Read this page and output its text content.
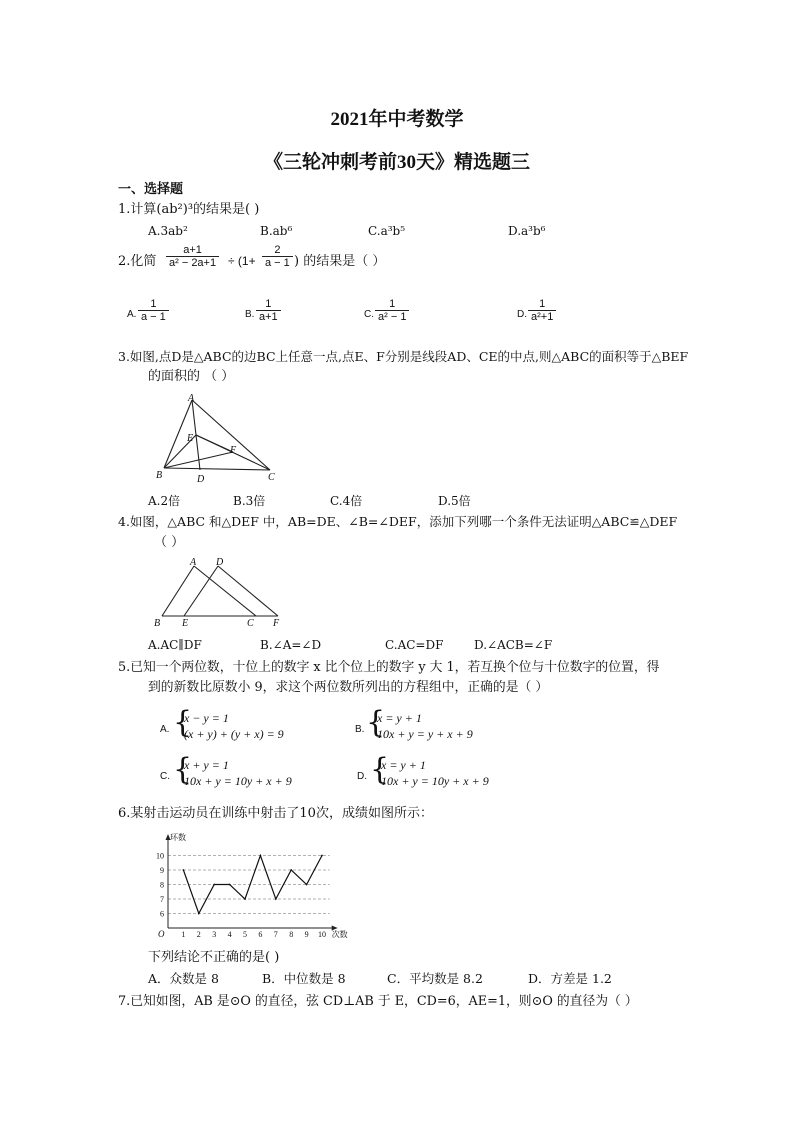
2021年中考数学
《三轮冲刺考前30天》精选题三
一、选择题
1.计算(ab²)³的结果是( )
A.3ab²	B.ab⁶	C.a³b⁵	D.a³b⁶
2.化简 $\frac{a+1}{\text{a² − 2a+1}} \div (1+ \frac{2}{a - 1}$ ) 的结果是（ ）
A. $\frac{1}{a - 1}$	B. $\frac{1}{a+1}$	C. $\frac{1}{\text{a² − 1}}$	D. $\frac{1}{\text{a²+1}}$
3.如图,点D是△ABC的边BC上任意一点,点E、F分别是线段AD、CE的中点,则△ABC的面积等于△BEF
的面积的 （ ）
A
B	C
D
E
F
A.2倍	B.3倍	C.4倍	D.5倍
4.如图，△ABC 和△DEF 中，AB=DE、∠B=∠DEF，添加下列哪一个条件无法证明△ABC≌△DEF
（ ）
A
B	C
D
E	F
A.AC∥DF	B.∠A=∠D	C.AC=DF	D.∠ACB=∠F
5.已知一个两位数，十位上的数字 x 比个位上的数字 y 大 1，若互换个位与十位数字的位置，得
到的新数比原数小 9，求这个两位数所列出的方程组中，正确的是（ ）
A. {
x − y = 1
(x + y) + (y + x) = 9	B. {
x = y + 1
10x + y = y + x + 9
C. {
x + y = 1
10x + y = 10y + x + 9	D. {
x = y + 1
10x + y = 10y + x + 9
6.某射击运动员在训练中射击了10次，成绩如图所示：
1 2 3 4 5 6 7 8 9 10
6
7
8
9
10
环数
次数
O
下列结论不正确的是( )
A．众数是 8	B．中位数是 8	C．平均数是 8.2	D．方差是 1.2
7.已知如图，AB 是⊙O 的直径，弦 CD⊥AB 于 E，CD=6，AE=1，则⊙O 的直径为（ ）
